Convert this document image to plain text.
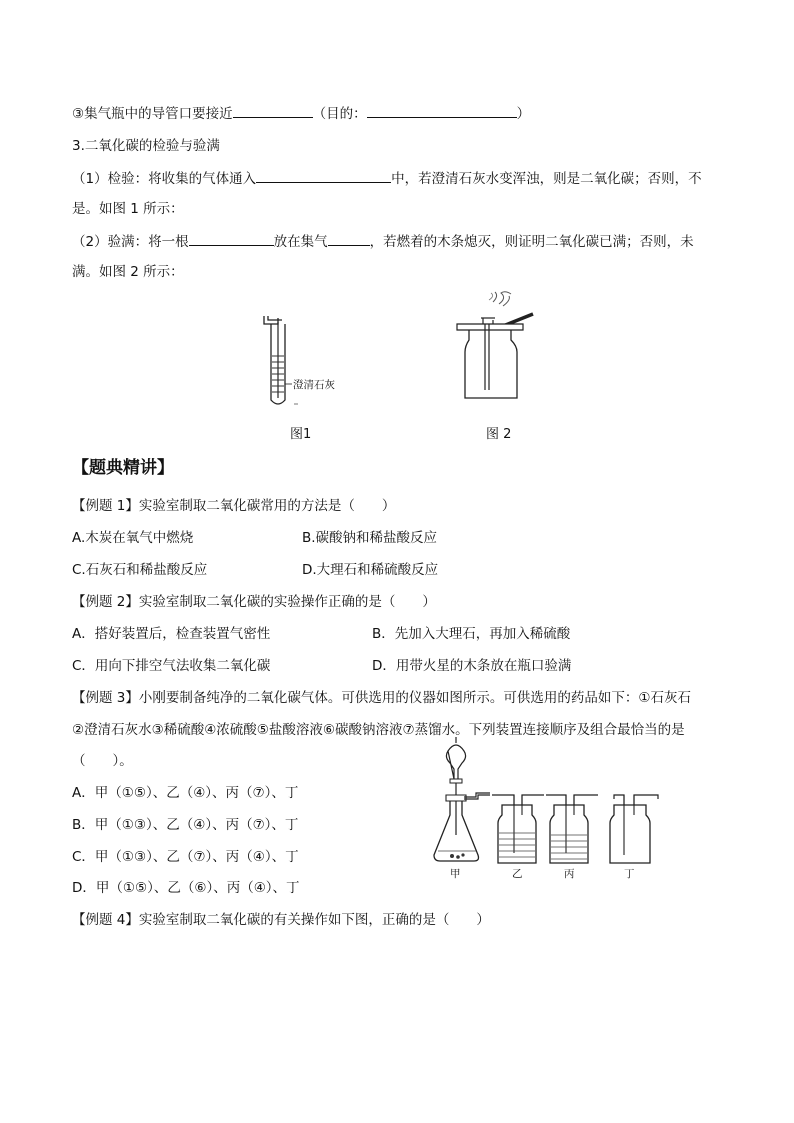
③集气瓶中的导管口要接近	（目的：	）
3.二氧化碳的检验与验满
（1）检验：将收集的气体通入	中，若澄清石灰水变浑浊，则是二氧化碳；否则，不
是。如图 1 所示：
（2）验满：将一根	放在集气	，若燃着的木条熄灭，则证明二氧化碳已满；否则，未
满。如图 2 所示：
澄清石灰
图1	图 2
【题典精讲】
【例题 1】实验室制取二氧化碳常用的方法是（　　）
A.木炭在氧气中燃烧	B.碳酸钠和稀盐酸反应
C.石灰石和稀盐酸反应	D.大理石和稀硫酸反应
【例题 2】实验室制取二氧化碳的实验操作正确的是（　　）
A．搭好装置后，检查装置气密性	B．先加入大理石，再加入稀硫酸
C．用向下排空气法收集二氧化碳	D．用带火星的木条放在瓶口验满
【例题 3】小刚要制备纯净的二氧化碳气体。可供选用的仪器如图所示。可供选用的药品如下：①石灰石
②澄清石灰水③稀硫酸④浓硫酸⑤盐酸溶液⑥碳酸钠溶液⑦蒸馏水。下列装置连接顺序及组合最恰当的是
（　　）。
A．甲（①⑤）、乙（④）、丙（⑦）、丁
B．甲（①③）、乙（④）、丙（⑦）、丁
C．甲（①③）、乙（⑦）、丙（④）、丁
D．甲（①⑤）、乙（⑥）、丙（④）、丁
甲	乙	丙	丁
【例题 4】实验室制取二氧化碳的有关操作如下图，正确的是（　　）
